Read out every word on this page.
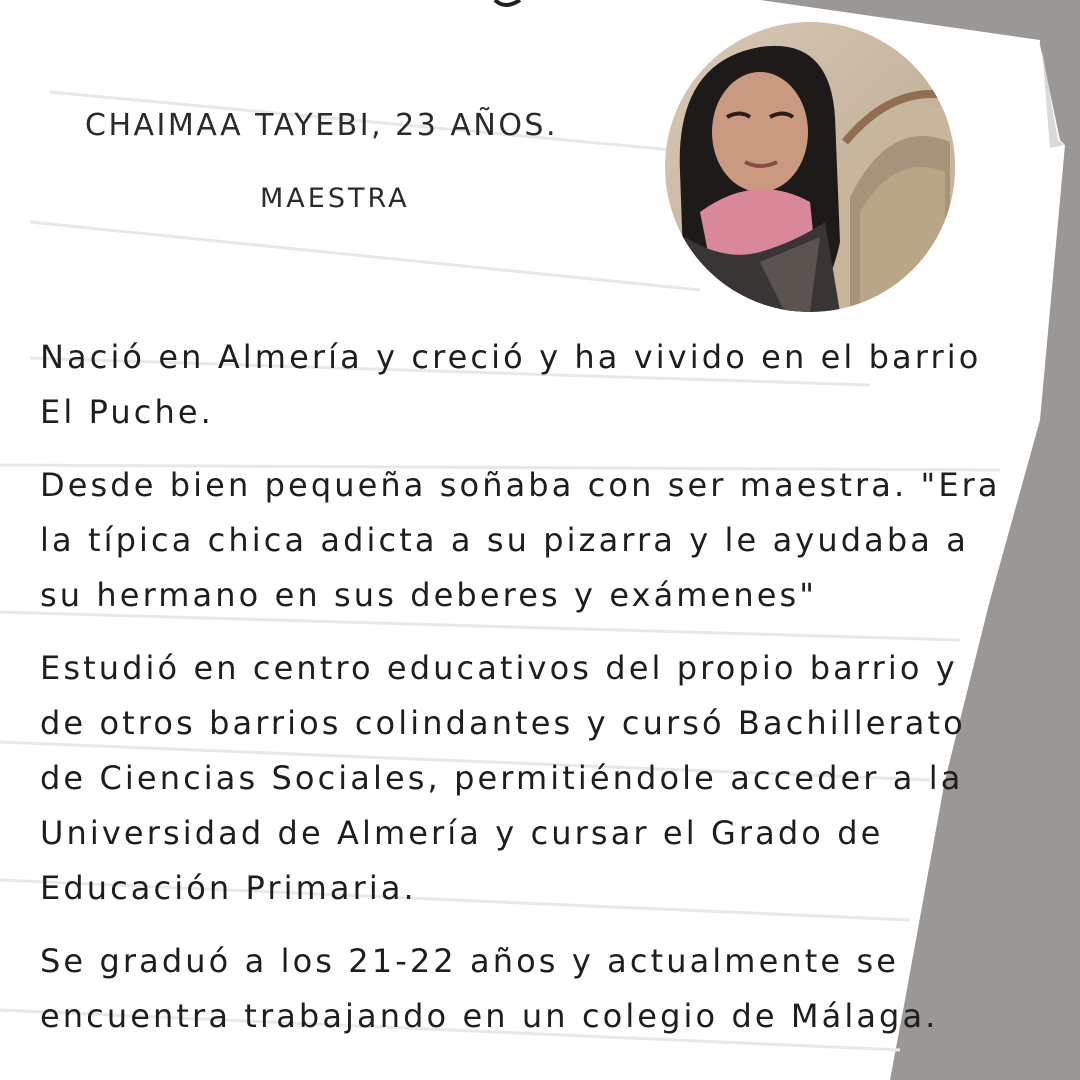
CHAIMAA TAYEBI, 23 AÑOS.
MAESTRA

Nació en Almería y creció y ha vivido en el barrio
El Puche.

Desde bien pequeña soñaba con ser maestra. "Era
la típica chica adicta a su pizarra y le ayudaba a
su hermano en sus deberes y exámenes"

Estudió en centro educativos del propio barrio y
de otros barrios colindantes y cursó Bachillerato
de Ciencias Sociales, permitiéndole acceder a la
Universidad de Almería y cursar el Grado de
Educación Primaria.

Se graduó a los 21-22 años y actualmente se
encuentra trabajando en un colegio de Málaga.
